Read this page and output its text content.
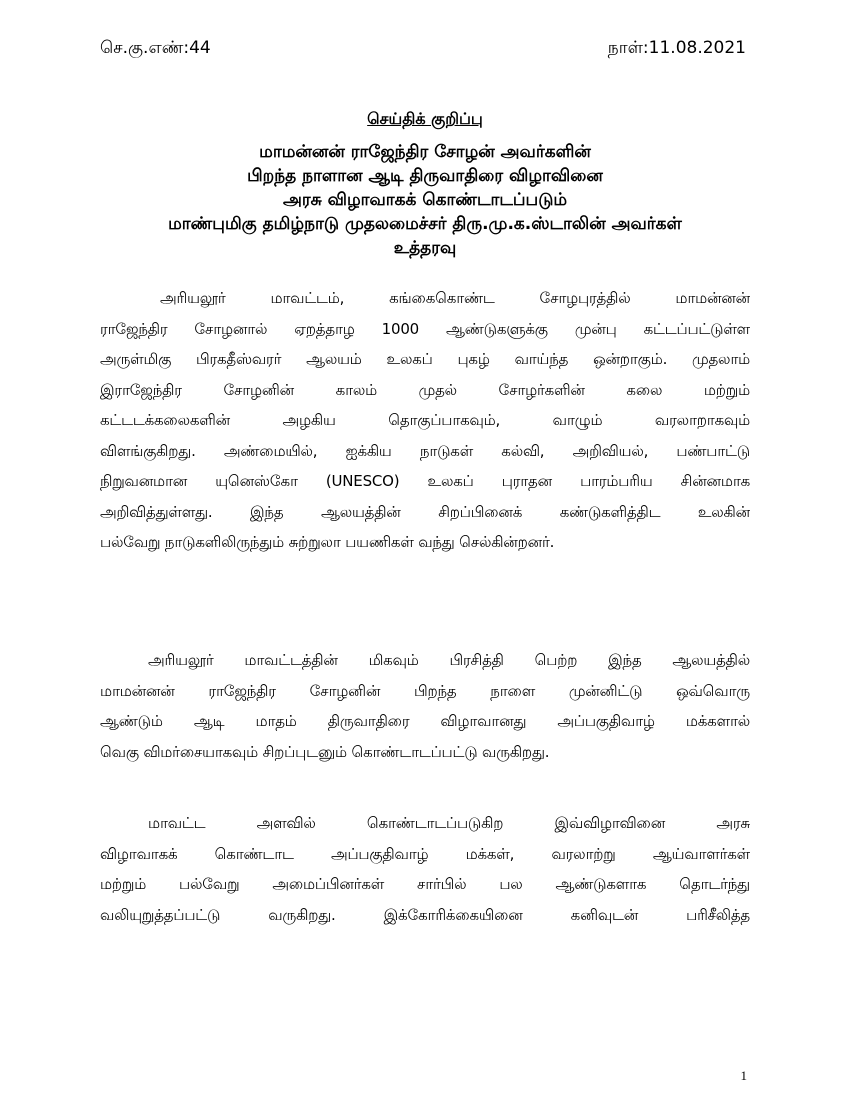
செ.கு.எண்:44	நாள்:11.08.2021
செய்திக் குறிப்பு
மாமன்னன் ராஜேந்திர சோழன் அவர்களின்
பிறந்த நாளான ஆடி திருவாதிரை விழாவினை
அரசு விழாவாகக் கொண்டாடப்படும்
மாண்புமிகு தமிழ்நாடு முதலமைச்சர் திரு.மு.க.ஸ்டாலின் அவர்கள்
உத்தரவு
அரியலூர் மாவட்டம், கங்கைகொண்ட சோழபுரத்தில் மாமன்னன்
ராஜேந்திர சோழனால் ஏறத்தாழ 1000 ஆண்டுகளுக்கு முன்பு கட்டப்பட்டுள்ள
அருள்மிகு பிரகதீஸ்வரர் ஆலயம் உலகப் புகழ் வாய்ந்த ஒன்றாகும். முதலாம்
இராஜேந்திர சோழனின் காலம் முதல் சோழர்களின் கலை மற்றும்
கட்டடக்கலைகளின் அழகிய தொகுப்பாகவும், வாழும் வரலாறாகவும்
விளங்குகிறது. அண்மையில், ஐக்கிய நாடுகள் கல்வி, அறிவியல், பண்பாட்டு
நிறுவனமான யுனெஸ்கோ (UNESCO) உலகப் புராதன பாரம்பரிய சின்னமாக
அறிவித்துள்ளது. இந்த ஆலயத்தின் சிறப்பினைக் கண்டுகளித்திட உலகின்
பல்வேறு நாடுகளிலிருந்தும் சுற்றுலா பயணிகள் வந்து செல்கின்றனர்.
அரியலூர் மாவட்டத்தின் மிகவும் பிரசித்தி பெற்ற இந்த ஆலயத்தில்
மாமன்னன் ராஜேந்திர சோழனின் பிறந்த நாளை முன்னிட்டு ஒவ்வொரு
ஆண்டும் ஆடி மாதம் திருவாதிரை விழாவானது அப்பகுதிவாழ் மக்களால்
வெகு விமர்சையாகவும் சிறப்புடனும் கொண்டாடப்பட்டு வருகிறது.
மாவட்ட அளவில் கொண்டாடப்படுகிற இவ்விழாவினை அரசு
விழாவாகக் கொண்டாட அப்பகுதிவாழ் மக்கள், வரலாற்று ஆய்வாளர்கள்
மற்றும் பல்வேறு அமைப்பினர்கள் சார்பில் பல ஆண்டுகளாக தொடர்ந்து
வலியுறுத்தப்பட்டு வருகிறது. இக்கோரிக்கையினை கனிவுடன் பரிசீலித்த
1
